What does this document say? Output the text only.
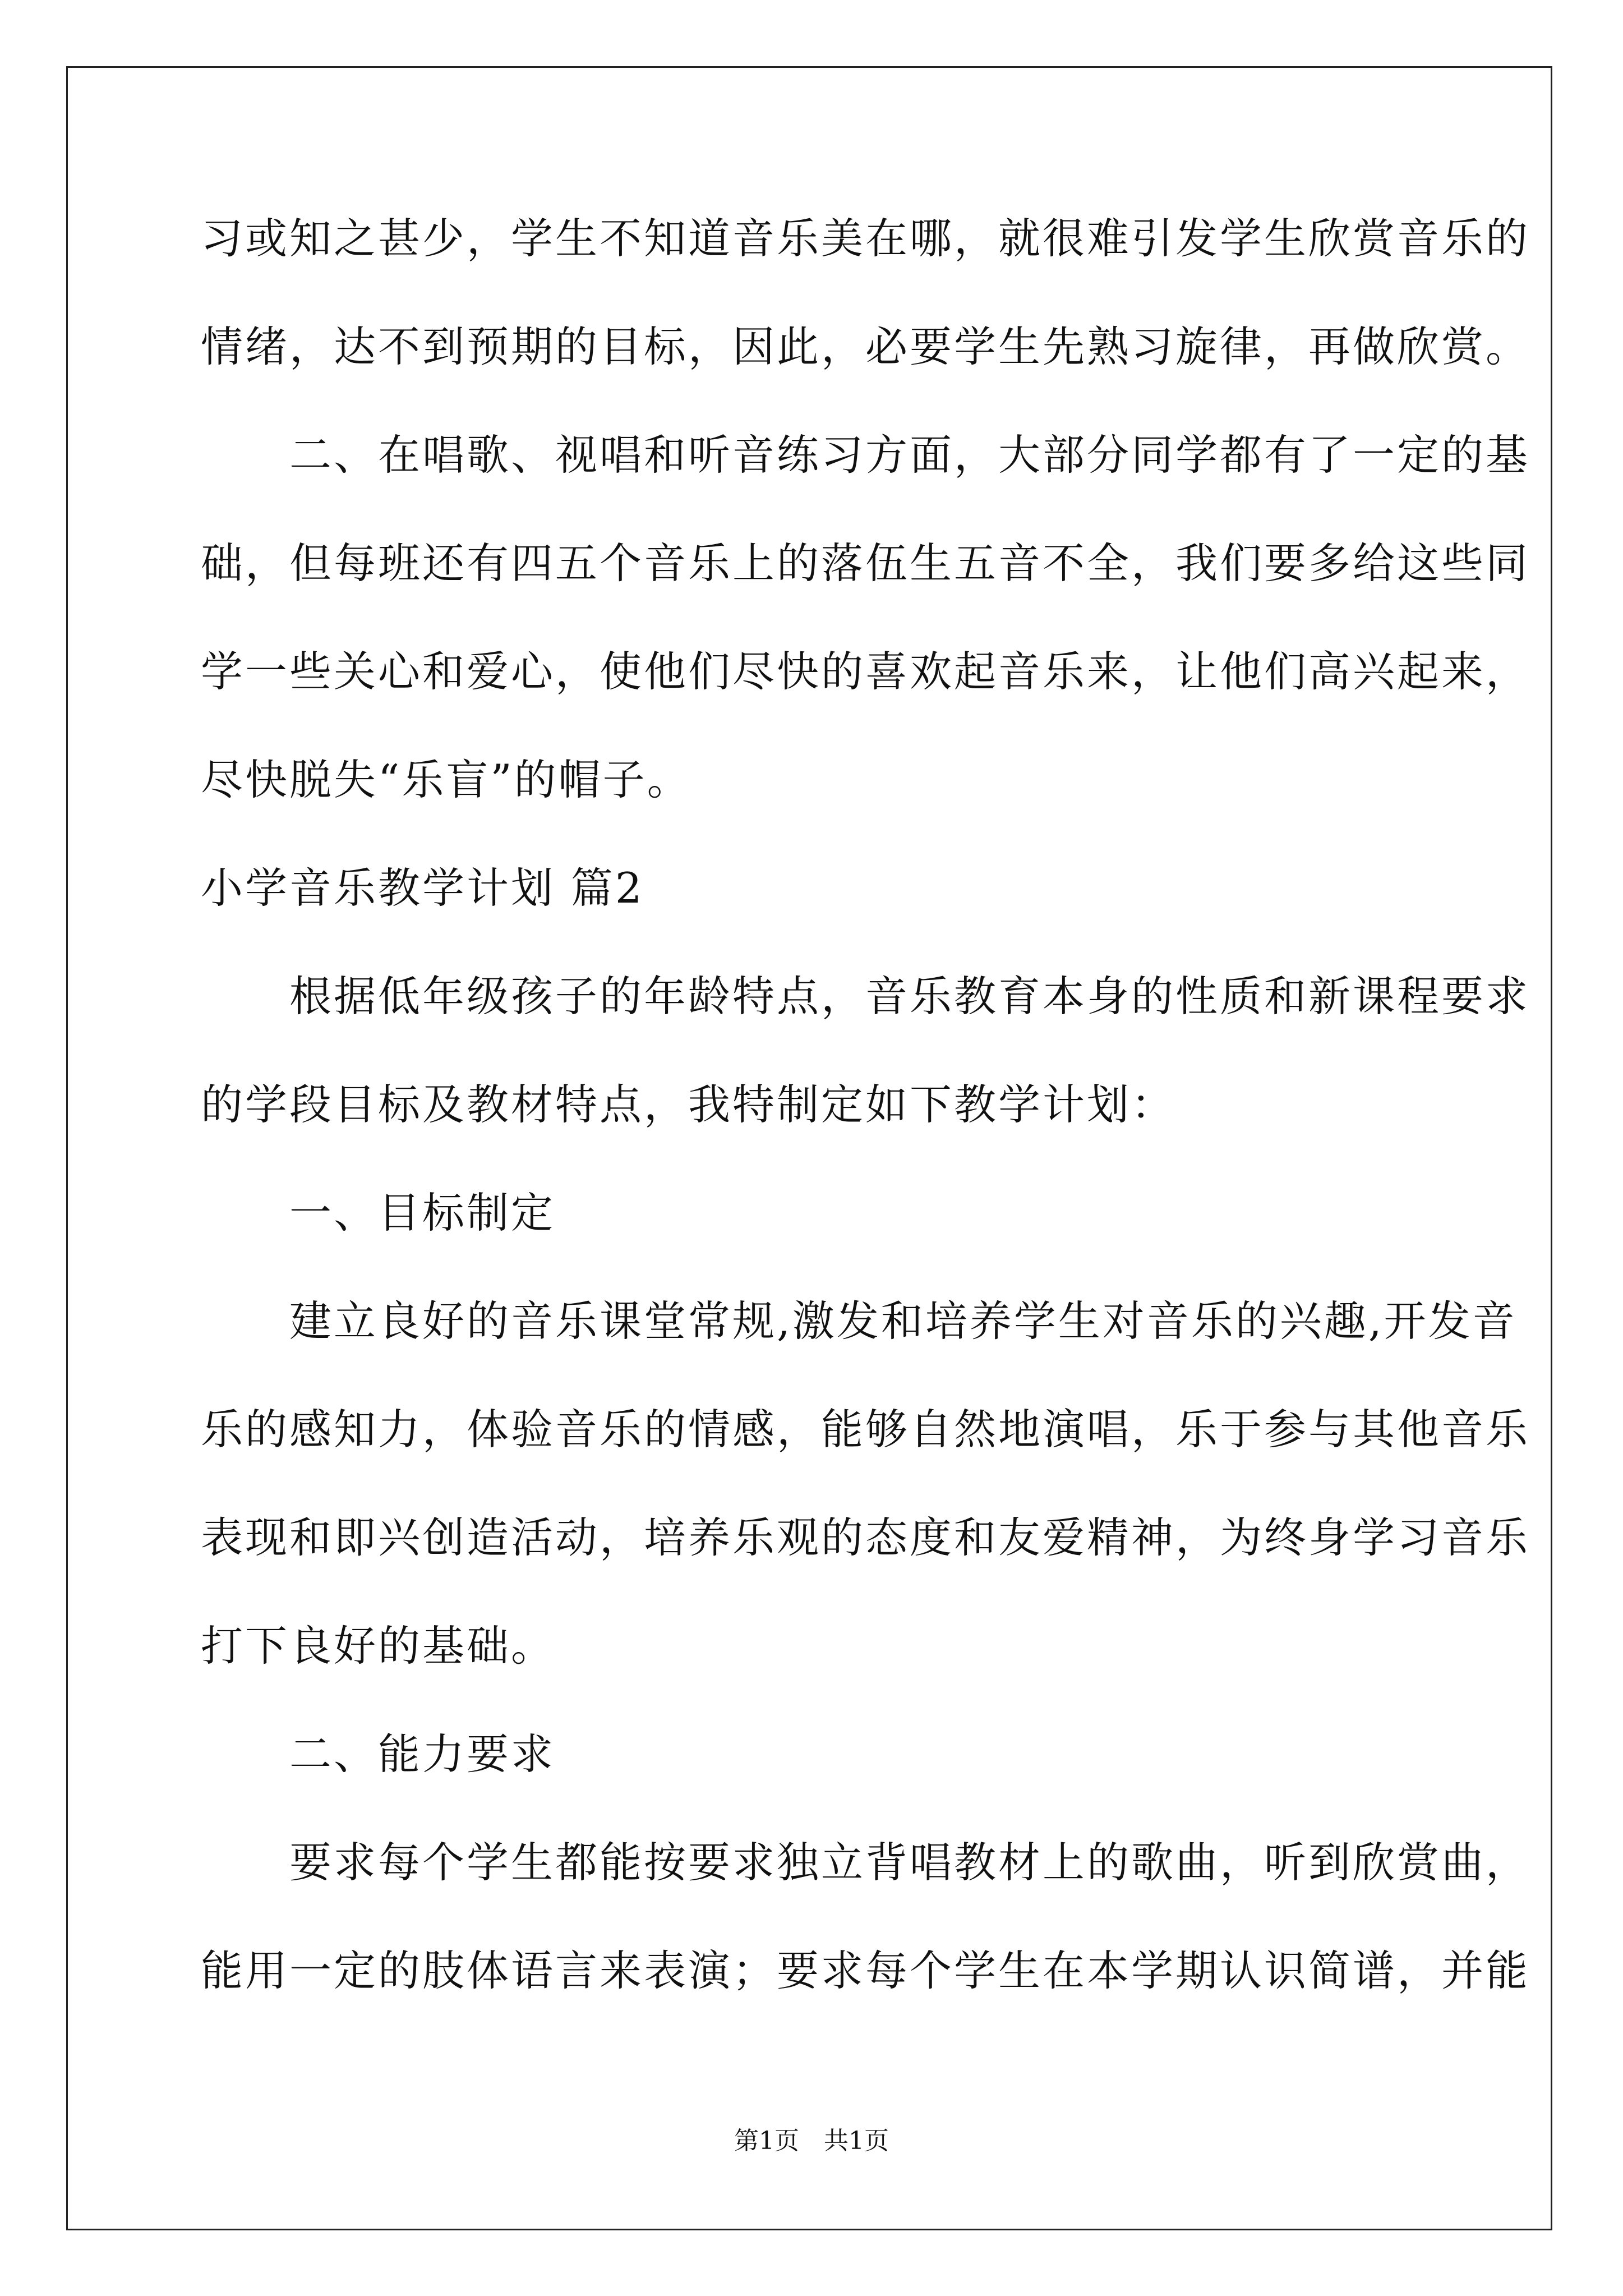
习或知之甚少，学生不知道音乐美在哪，就很难引发学生欣赏音乐的
情绪，达不到预期的目标，因此，必要学生先熟习旋律，再做欣赏。
　　二、在唱歌、视唱和听音练习方面，大部分同学都有了一定的基
础，但每班还有四五个音乐上的落伍生五音不全，我们要多给这些同
学一些关心和爱心，使他们尽快的喜欢起音乐来，让他们高兴起来，
尽快脱失“乐盲”的帽子。
小学音乐教学计划 篇2
　　根据低年级孩子的年龄特点，音乐教育本身的性质和新课程要求
的学段目标及教材特点，我特制定如下教学计划：
　　一、目标制定
　　建立良好的音乐课堂常规,激发和培养学生对音乐的兴趣,开发音
乐的感知力，体验音乐的情感，能够自然地演唱，乐于参与其他音乐
表现和即兴创造活动，培养乐观的态度和友爱精神，为终身学习音乐
打下良好的基础。
　　二、能力要求
　　要求每个学生都能按要求独立背唱教材上的歌曲，听到欣赏曲，
能用一定的肢体语言来表演；要求每个学生在本学期认识简谱，并能
第1页　共1页
